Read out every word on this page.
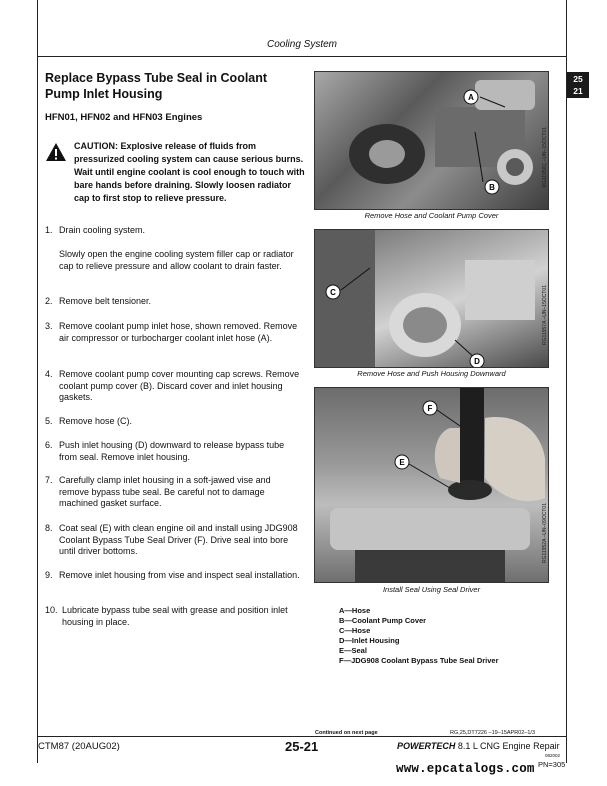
Cooling System
25
21
Replace Bypass Tube Seal in Coolant Pump Inlet Housing
HFN01, HFN02 and HFN03 Engines
CAUTION: Explosive release of fluids from pressurized cooling system can cause serious burns. Wait until engine coolant is cool enough to touch with bare hands before draining. Slowly loosen radiator cap to first stop to relieve pressure.
1. Drain cooling system.
Slowly open the engine cooling system filler cap or radiator cap to relieve pressure and allow coolant to drain faster.
2. Remove belt tensioner.
3. Remove coolant pump inlet hose, shown removed. Remove air compressor or turbocharger coolant inlet hose (A).
4. Remove coolant pump cover mounting cap screws. Remove coolant pump cover (B). Discard cover and inlet housing gaskets.
5. Remove hose (C).
6. Push inlet housing (D) downward to release bypass tube from seal. Remove inlet housing.
7. Carefully clamp inlet housing in a soft-jawed vise and remove bypass tube seal. Be careful not to damage machined gasket surface.
8. Coat seal (E) with clean engine oil and install using JDG908 Coolant Bypass Tube Seal Driver (F). Drive seal into bore until driver bottoms.
9. Remove inlet housing from vise and inspect seal installation.
10. Lubricate bypass tube seal with grease and position inlet housing in place.
A
B	RG11956C –UN–15OCT01
Remove Hose and Coolant Pump Cover
C
D
RG11957A –UN–15OCT01
Remove Hose and Push Housing Downward
F
E
RG11952A –UN–09OCT01
Install Seal Using Seal Driver
A—Hose
B—Coolant Pump Cover
C—Hose
D—Inlet Housing
E—Seal
F—JDG908 Coolant Bypass Tube Seal Driver
Continued on next page	RG,25,DT7226 –19–15APR02–1/3
CTM87 (20AUG02)	25-21	POWERTECH 8.1 L CNG Engine Repair
082002
PN=305
www.epcatalogs.com
